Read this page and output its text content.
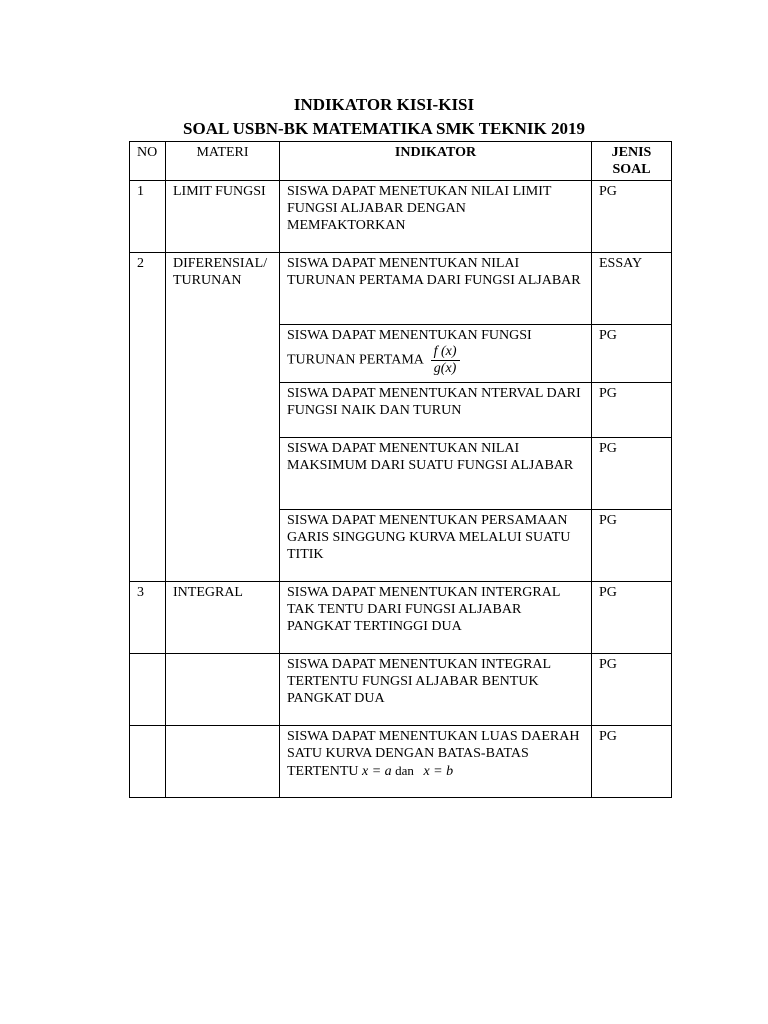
INDIKATOR KISI-KISI
SOAL USBN-BK MATEMATIKA SMK TEKNIK 2019
NO	MATERI	INDIKATOR	JENIS
SOAL
1	LIMIT FUNGSI	SISWA DAPAT MENETUKAN NILAI LIMIT FUNGSI ALJABAR DENGAN MEMFAKTORKAN	PG
2	DIFERENSIAL/ TURUNAN	SISWA DAPAT MENENTUKAN NILAI TURUNAN PERTAMA DARI FUNGSI ALJABAR	ESSAY
		SISWA DAPAT MENENTUKAN FUNGSI
TURUNAN PERTAMA $\frac{f (x)}{g(x)}$	PG
		SISWA DAPAT MENENTUKAN NTERVAL DARI FUNGSI NAIK DAN TURUN	PG
		SISWA DAPAT MENENTUKAN NILAI MAKSIMUM DARI SUATU FUNGSI ALJABAR	PG
		SISWA DAPAT MENENTUKAN PERSAMAAN GARIS SINGGUNG KURVA MELALUI SUATU TITIK	PG
3	INTEGRAL	SISWA DAPAT MENENTUKAN INTERGRAL TAK TENTU DARI FUNGSI ALJABAR PANGKAT TERTINGGI DUA	PG
		SISWA DAPAT MENENTUKAN INTEGRAL TERTENTU FUNGSI ALJABAR BENTUK PANGKAT DUA	PG
		SISWA DAPAT MENENTUKAN LUAS DAERAH SATU KURVA DENGAN BATAS-BATAS TERTENTU x = a dan x = b	PG
